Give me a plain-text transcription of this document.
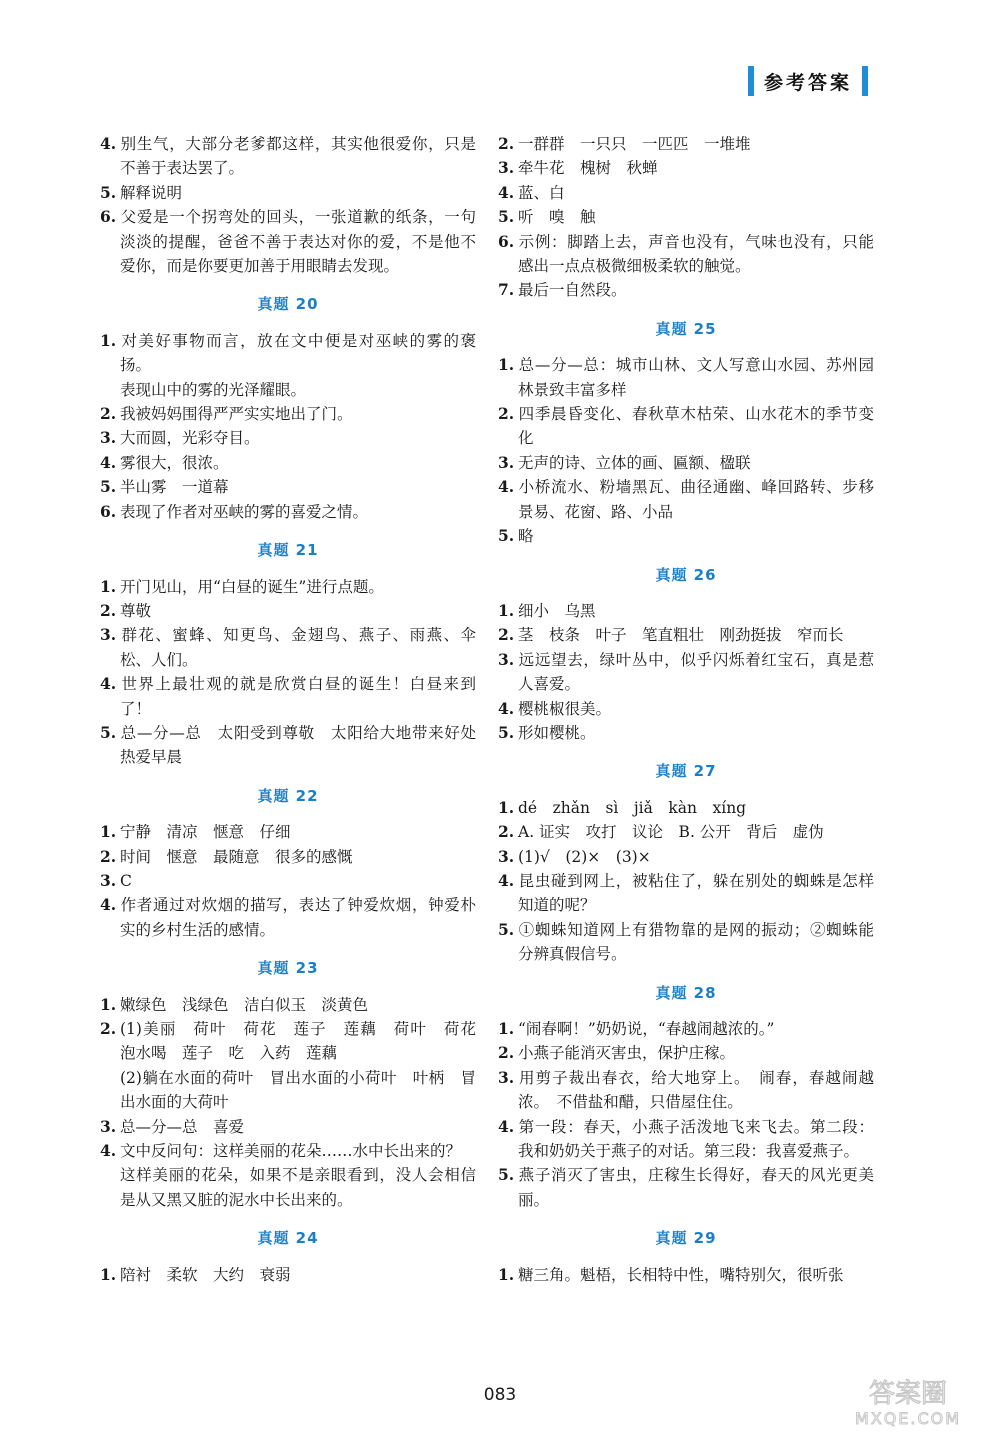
参考答案
4. 别生气，大部分老爹都这样，其实他很爱你，只是不善于表达罢了。
5. 解释说明
6. 父爱是一个拐弯处的回头，一张道歉的纸条，一句淡淡的提醒，爸爸不善于表达对你的爱，不是他不爱你，而是你要更加善于用眼睛去发现。
真题 20
1. 对美好事物而言，放在文中便是对巫峡的雾的褒扬。
表现山中的雾的光泽耀眼。
2. 我被妈妈围得严严实实地出了门。
3. 大而圆，光彩夺目。
4. 雾很大，很浓。
5. 半山雾　一道幕
6. 表现了作者对巫峡的雾的喜爱之情。
真题 21
1. 开门见山，用“白昼的诞生”进行点题。
2. 尊敬
3. 群花、蜜蜂、知更鸟、金翅鸟、燕子、雨燕、伞松、人们。
4. 世界上最壮观的就是欣赏白昼的诞生！白昼来到了！
5. 总—分—总　太阳受到尊敬　太阳给大地带来好处　热爱早晨
真题 22
1. 宁静　清凉　惬意　仔细
2. 时间　惬意　最随意　很多的感慨
3. C
4. 作者通过对炊烟的描写，表达了钟爱炊烟，钟爱朴实的乡村生活的感情。
真题 23
1. 嫩绿色　浅绿色　洁白似玉　淡黄色
2. (1)美丽　荷叶　荷花　莲子　莲藕　荷叶　荷花　泡水喝　莲子　吃　入药　莲藕
(2)躺在水面的荷叶　冒出水面的小荷叶　叶柄　冒出水面的大荷叶
3. 总—分—总　喜爱
4. 文中反问句：这样美丽的花朵……水中长出来的？
这样美丽的花朵，如果不是亲眼看到，没人会相信是从又黑又脏的泥水中长出来的。
真题 24
1. 陪衬　柔软　大约　衰弱
2. 一群群　一只只　一匹匹　一堆堆
3. 牵牛花　槐树　秋蝉
4. 蓝、白
5. 听　嗅　触
6. 示例：脚踏上去，声音也没有，气味也没有，只能感出一点点极微细极柔软的触觉。
7. 最后一自然段。
真题 25
1. 总—分—总：城市山林、文人写意山水园、苏州园林景致丰富多样
2. 四季晨昏变化、春秋草木枯荣、山水花木的季节变化
3. 无声的诗、立体的画、匾额、楹联
4. 小桥流水、粉墙黑瓦、曲径通幽、峰回路转、步移景易、花窗、路、小品
5. 略
真题 26
1. 细小　乌黑
2. 茎　枝条　叶子　笔直粗壮　刚劲挺拔　窄而长
3. 远远望去，绿叶丛中，似乎闪烁着红宝石，真是惹人喜爱。
4. 樱桃椒很美。
5. 形如樱桃。
真题 27
1. dé　zhǎn　sì　jiǎ　kàn　xíng
2. A. 证实　攻打　议论　B. 公开　背后　虚伪
3. (1)√　(2)×　(3)×
4. 昆虫碰到网上，被粘住了，躲在别处的蜘蛛是怎样知道的呢？
5. ①蜘蛛知道网上有猎物靠的是网的振动；②蜘蛛能分辨真假信号。
真题 28
1. “闹春啊！”奶奶说，“春越闹越浓的。”
2. 小燕子能消灭害虫，保护庄稼。
3. 用剪子裁出春衣，给大地穿上。　闹春，春越闹越浓。　不借盐和醋，只借屋住住。
4. 第一段：春天，小燕子活泼地飞来飞去。第二段：我和奶奶关于燕子的对话。第三段：我喜爱燕子。
5. 燕子消灭了害虫，庄稼生长得好，春天的风光更美丽。
真题 29
1. 糖三角。魁梧，长相特中性，嘴特别欠，很听张
083	答案圈
MXQE.COM
